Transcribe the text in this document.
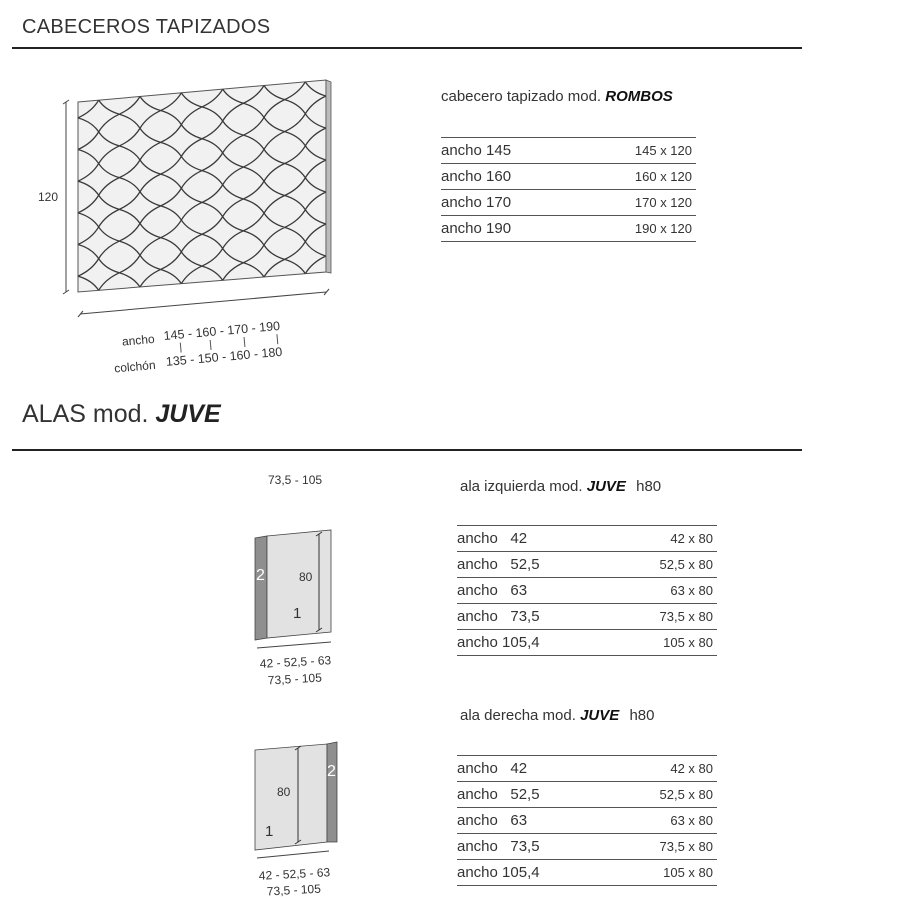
CABECEROS TAPIZADOS
120
ancho 145 - 160 - 170 - 190
colchón 135 - 150 - 160 - 180
cabecero tapizado mod. ROMBOS
ancho 145	145 x 120
ancho 160	160 x 120
ancho 170	170 x 120
ancho 190	190 x 120
ALAS mod. JUVE
73,5 - 105
2	80
1
42 - 52,5 - 63
73,5 - 105
ala izquierda mod. JUVE h80
ancho   42	42 x 80
ancho   52,5	52,5 x 80
ancho   63	63 x 80
ancho   73,5	73,5 x 80
ancho 105,4	105 x 80
80
2
1
42 - 52,5 - 63
73,5 - 105
ala derecha mod. JUVE h80
ancho   42	42 x 80
ancho   52,5	52,5 x 80
ancho   63	63 x 80
ancho   73,5	73,5 x 80
ancho 105,4	105 x 80
